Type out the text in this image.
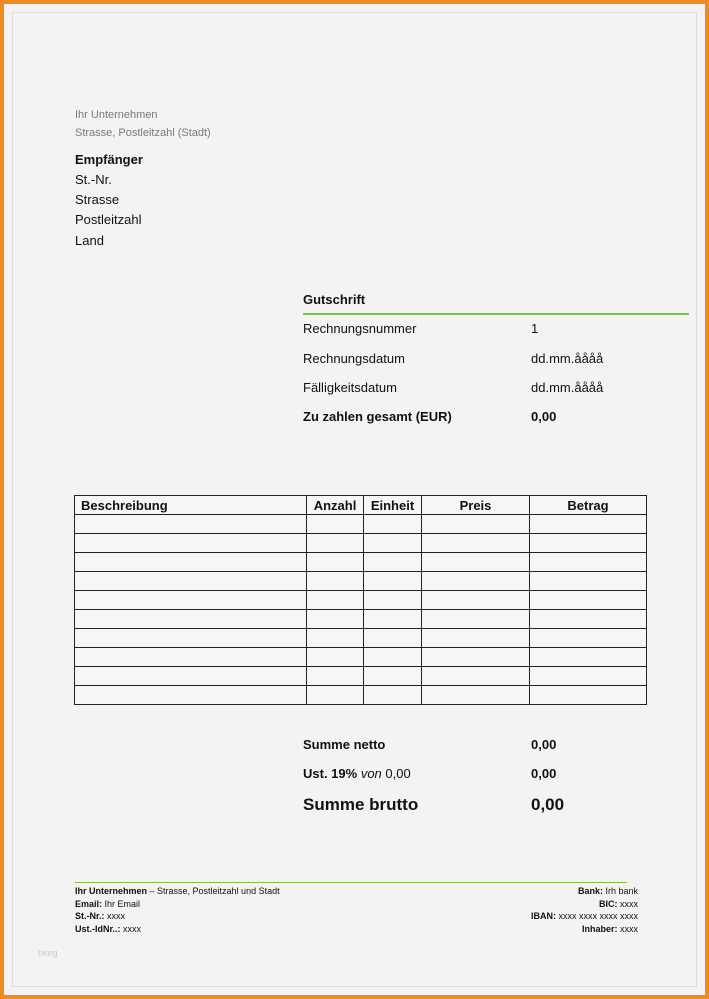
Ihr Unternehmen
Strasse, Postleitzahl (Stadt)
Empfänger
St.-Nr.
Strasse
Postleitzahl
Land
Gutschrift
Rechnungsnummer	1
Rechnungsdatum	dd.mm.åååå
Fälligkeitsdatum	dd.mm.åååå
Zu zahlen gesamt (EUR)	0,00
Beschreibung	Anzahl	Einheit	Preis	Betrag

Summe netto	0,00
Ust. 19% von 0,00	0,00
Summe brutto	0,00
Ihr Unternehmen – Strasse, Postleitzahl und Stadt
Email: Ihr Email
St.-Nr.: xxxx
Ust.-IdNr..: xxxx
Bank: Irh bank
BIC: xxxx
IBAN: xxxx xxxx xxxx xxxx
Inhaber: xxxx
bkeg
